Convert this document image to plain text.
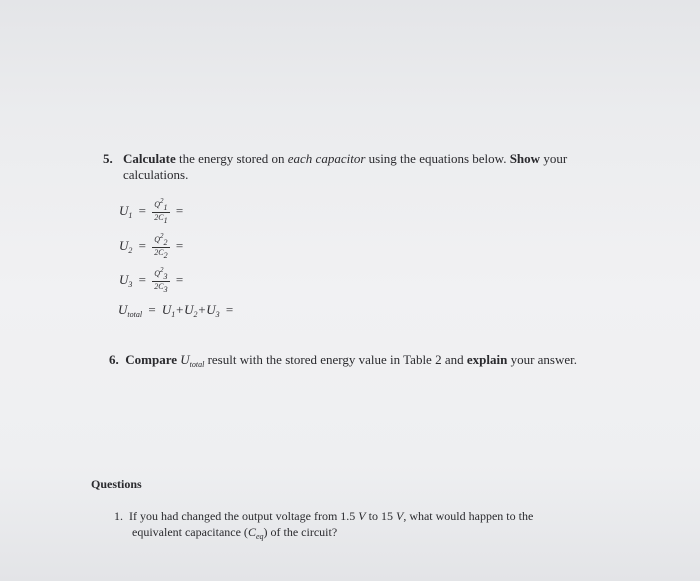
5. Calculate the energy stored on each capacitor using the equations below. Show your
calculations.
$U_1 = \frac{Q21}{2C1}$ =
$U_2 = \frac{Q22}{2C2}$ =
$U_3 = \frac{Q23}{2C3}$ =
$U_{total} = U_1+U_2+U_3$ =
6. Compare $U_{total}$ result with the stored energy value in Table 2 and explain your answer.
Questions
1. If you had changed the output voltage from 1.5 V to 15 V, what would happen to the
equivalent capacitance $(C_{eq})$ of the circuit?
